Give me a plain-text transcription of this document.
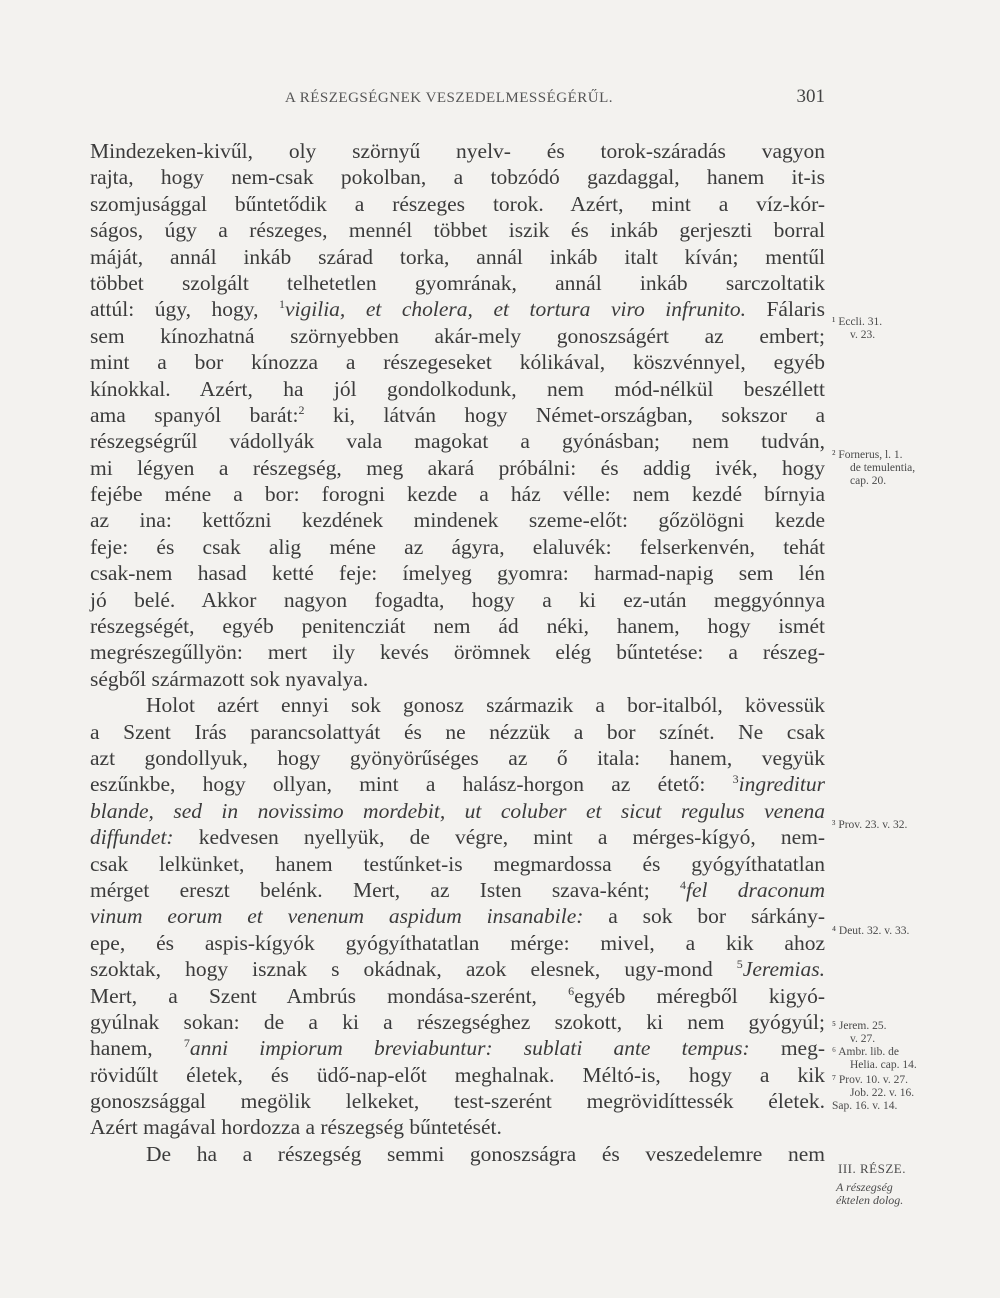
A RÉSZEGSÉGNEK VESZEDELMESSÉGÉRŰL.	301
Mindezeken-kivűl, oly szörnyű nyelv- és torok-száradás vagyon
rajta, hogy nem-csak pokolban, a tobzódó gazdaggal, hanem it-is
szomjusággal bűntetődik a részeges torok. Azért, mint a víz-kór-
ságos, úgy a részeges, mennél többet iszik és inkáb gerjeszti borral
máját, annál inkáb szárad torka, annál inkáb italt kíván; mentűl
többet szolgált telhetetlen gyomrának, annál inkáb sarczoltatik
attúl: úgy, hogy, $^1$vigilia, et cholera, et tortura viro infrunito. Fálaris
sem kínozhatná szörnyebben akár-mely gonoszságért az embert;
mint a bor kínozza a részegeseket kólikával, köszvénnyel, egyéb
kínokkal. Azért, ha jól gondolkodunk, nem mód-nélkül beszéllett
ama spanyól barát:$^2$ ki, látván hogy Német-országban, sokszor a
részegségrűl vádollyák vala magokat a gyónásban; nem tudván,
mi légyen a részegség, meg akará próbálni: és addig ivék, hogy
fejébe méne a bor: forogni kezde a ház vélle: nem kezdé bírnyia
az ina: kettőzni kezdének mindenek szeme-előt: gőzölögni kezde
feje: és csak alig méne az ágyra, elaluvék: felserkenvén, tehát
csak-nem hasad ketté feje: ímelyeg gyomra: harmad-napig sem lén
jó belé. Akkor nagyon fogadta, hogy a ki ez-után meggyónnya
részegségét, egyéb penitencziát nem ád néki, hanem, hogy ismét
megrészegűllyön: mert ily kevés örömnek elég bűntetése: a részeg-
ségből származott sok nyavalya.
Holot azért ennyi sok gonosz származik a bor-italból, kövessük
a Szent Irás parancsolattyát és ne nézzük a bor színét. Ne csak
azt gondollyuk, hogy gyönyörűséges az ő itala: hanem, vegyük
eszűnkbe, hogy ollyan, mint a halász-horgon az étető: $^3$ingreditur
blande, sed in novissimo mordebit, ut coluber et sicut regulus venena
diffundet: kedvesen nyellyük, de végre, mint a mérges-kígyó, nem-
csak lelkünket, hanem testűnket-is megmardossa és gyógyíthatatlan
mérget ereszt belénk. Mert, az Isten szava-ként; $^4$fel draconum
vinum eorum et venenum aspidum insanabile: a sok bor sárkány-
epe, és aspis-kígyók gyógyíthatatlan mérge: mivel, a kik ahoz
szoktak, hogy isznak s okádnak, azok elesnek, ugy-mond $^5$Jeremias.
Mert, a Szent Ambrús mondása-szerént, $^6$egyéb méregből kigyó-
gyúlnak sokan: de a ki a részegséghez szokott, ki nem gyógyúl;
hanem, $^7$anni impiorum breviabuntur: sublati ante tempus: meg-
rövidűlt életek, és üdő-nap-előt meghalnak. Méltó-is, hogy a kik
gonoszsággal megölik lelkeket, test-szerént megrövidíttessék életek.
Azért magával hordozza a részegség bűntetését.
De ha a részegség semmi gonoszságra és veszedelemre nem
¹ Eccli. 31.
v. 23.
² Fornerus, l. 1.
de temulentia,
cap. 20.
³ Prov. 23. v. 32.
⁴ Deut. 32. v. 33.
⁵ Jerem. 25.
v. 27.
⁶ Ambr. lib. de
Helia. cap. 14.
⁷ Prov. 10. v. 27.
Job. 22. v. 16.
Sap. 16. v. 14.
III. RÉSZE.
A részegség
éktelen dolog.
